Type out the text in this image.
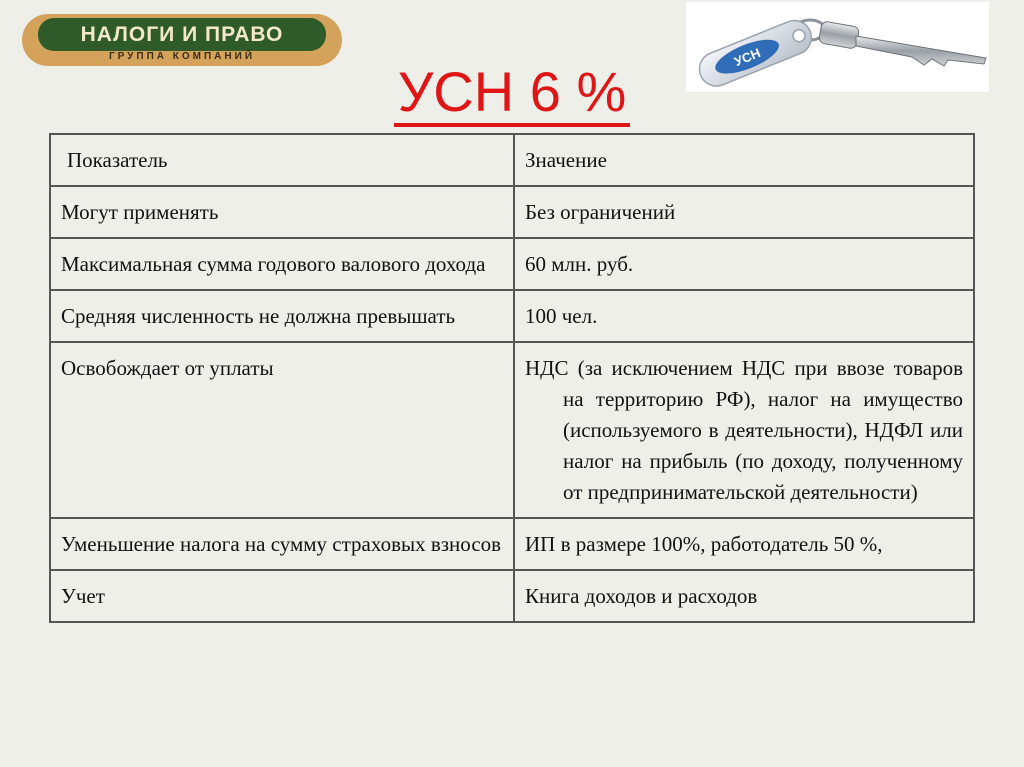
НАЛОГИ И ПРАВО
ГРУППА КОМПАНИЙ	УСН
УСН 6 %
Показатель	Значение

Могут применять	Без ограничений

Максимальная сумма годового валового дохода	60 млн. руб.

Средняя численность не должна превышать	100 чел.

Освобождает от уплаты	НДС (за исключением НДС при ввозе товаров на территорию РФ), налог на имущество (используемого в деятельности), НДФЛ или налог на прибыль (по доходу, полученному от предпринимательской деятельности)

Уменьшение налога на сумму страховых взносов	ИП в размере 100%, работодатель 50 %,

Учет	Книга доходов и расходов
